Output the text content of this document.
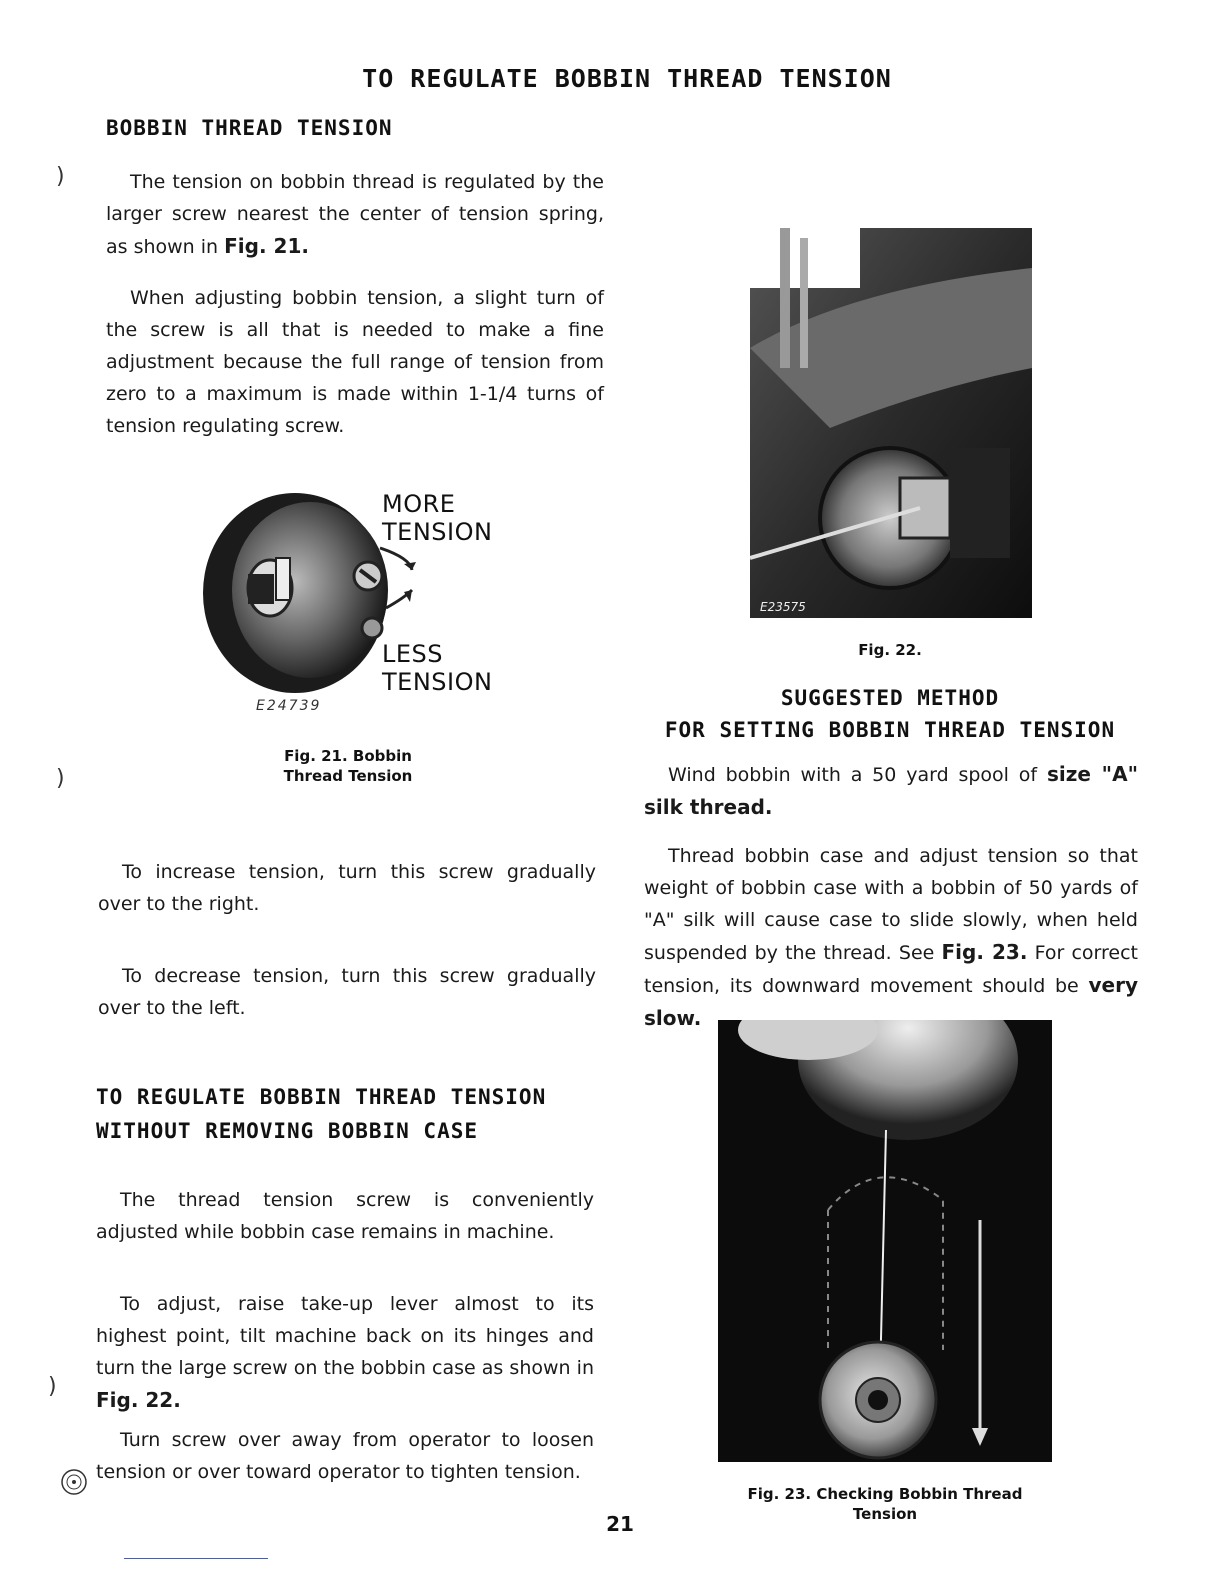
TO REGULATE BOBBIN THREAD TENSION
)
)
)
BOBBIN THREAD TENSION
The tension on bobbin thread is regulated by the larger screw nearest the center of tension spring, as shown in Fig. 21.
When adjusting bobbin tension, a slight turn of the screw is all that is needed to make a fine adjustment because the full range of tension from zero to a maximum is made within 1-1/4 turns of tension regulating screw.
MORE TENSION
LESS TENSION
E24739
Fig. 21. Bobbin Thread Tension
To increase tension, turn this screw gradually over to the right.
To decrease tension, turn this screw gradually over to the left.
TO REGULATE BOBBIN THREAD TENSION WITHOUT REMOVING BOBBIN CASE
The thread tension screw is conveniently adjusted while bobbin case remains in machine.
To adjust, raise take-up lever almost to its highest point, tilt machine back on its hinges and turn the large screw on the bobbin case as shown in Fig. 22.
Turn screw over away from operator to loosen tension or over toward operator to tighten tension.
E23575
Fig. 22.
SUGGESTED METHOD
FOR SETTING BOBBIN THREAD TENSION
Wind bobbin with a 50 yard spool of size "A" silk thread.
Thread bobbin case and adjust tension so that weight of bobbin case with a bobbin of 50 yards of "A" silk will cause case to slide slowly, when held suspended by the thread. See Fig. 23. For correct tension, its downward movement should be very slow.
Fig. 23. Checking Bobbin Thread Tension
21
